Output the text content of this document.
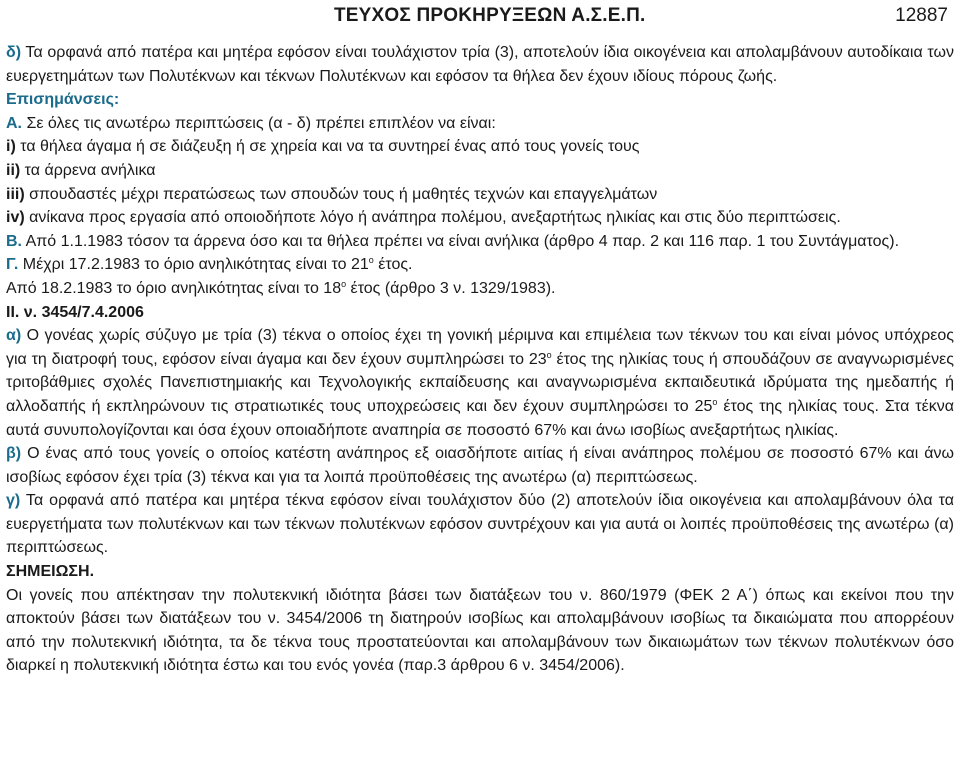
ΤΕΥΧΟΣ ΠΡΟΚΗΡΥΞΕΩΝ Α.Σ.Ε.Π.	12887

δ) Τα ορφανά από πατέρα και μητέρα εφόσον είναι τουλάχιστον τρία (3), αποτελούν ίδια οικογένεια και απολαμβάνουν αυτοδίκαια των ευεργετημάτων των Πολυτέκνων και τέκνων Πολυτέκνων και εφόσον τα θήλεα δεν έχουν ιδίους πόρους ζωής.

Επισημάνσεις:

Α. Σε όλες τις ανωτέρω περιπτώσεις (α - δ) πρέπει επιπλέον να είναι:

i) τα θήλεα άγαμα ή σε διάζευξη ή σε χηρεία και να τα συντηρεί ένας από τους γονείς τους

ii) τα άρρενα ανήλικα

iii) σπουδαστές μέχρι περατώσεως των σπουδών τους ή μαθητές τεχνών και επαγγελμάτων

iv) ανίκανα προς εργασία από οποιοδήποτε λόγο ή ανάπηρα πολέμου, ανεξαρτήτως ηλικίας και στις δύο περιπτώσεις.

Β. Από 1.1.1983 τόσον τα άρρενα όσο και τα θήλεα πρέπει να είναι ανήλικα (άρθρο 4 παρ. 2 και 116 παρ. 1 του Συντάγματος).

Γ. Μέχρι 17.2.1983 το όριο ανηλικότητας είναι το $21^o$ έτος.

Από 18.2.1983 το όριο ανηλικότητας είναι το $18^o$ έτος (άρθρο 3 ν. 1329/1983).

ΙΙ. ν. 3454/7.4.2006

α) Ο γονέας χωρίς σύζυγο με τρία (3) τέκνα ο οποίος έχει τη γονική μέριμνα και επιμέλεια των τέκνων του και είναι μόνος υπόχρεος για τη διατροφή τους, εφόσον είναι άγαμα και δεν έχουν συμπληρώσει το $23^o$ έτος της ηλικίας τους ή σπουδάζουν σε αναγνωρισμένες τριτοβάθμιες σχολές Πανεπιστημιακής και Τεχνολογικής εκπαίδευσης και αναγνωρισμένα εκπαιδευτικά ιδρύματα της ημεδαπής ή αλλοδαπής ή εκπληρώνουν τις στρατιωτικές τους υποχρεώσεις και δεν έχουν συμπληρώσει το $25^o$ έτος της ηλικίας τους. Στα τέκνα αυτά συνυπολογίζονται και όσα έχουν οποιαδήποτε αναπηρία σε ποσοστό 67% και άνω ισοβίως ανεξαρτήτως ηλικίας.

β) Ο ένας από τους γονείς ο οποίος κατέστη ανάπηρος εξ οιασδήποτε αιτίας ή είναι ανάπηρος πολέμου σε ποσοστό 67% και άνω ισοβίως εφόσον έχει τρία (3) τέκνα και για τα λοιπά προϋποθέσεις της ανωτέρω (α) περιπτώσεως.

γ) Τα ορφανά από πατέρα και μητέρα τέκνα εφόσον είναι τουλάχιστον δύο (2) αποτελούν ίδια οικογένεια και απολαμβάνουν όλα τα ευεργετήματα των πολυτέκνων και των τέκνων πολυτέκνων εφόσον συντρέχουν και για αυτά οι λοιπές προϋποθέσεις της ανωτέρω (α) περιπτώσεως.

ΣΗΜΕΙΩΣΗ.

Οι γονείς που απέκτησαν την πολυτεκνική ιδιότητα βάσει των διατάξεων του ν. 860/1979 (ΦΕΚ 2 Α΄) όπως και εκείνοι που την αποκτούν βάσει των διατάξεων του ν. 3454/2006 τη διατηρούν ισοβίως και απολαμβάνουν ισοβίως τα δικαιώματα που απορρέουν από την πολυτεκνική ιδιότητα, τα δε τέκνα τους προστατεύονται και απολαμβάνουν των δικαιωμάτων των τέκνων πολυτέκνων όσο διαρκεί η πολυτεκνική ιδιότητα έστω και του ενός γονέα (παρ.3 άρθρου 6 ν. 3454/2006).
